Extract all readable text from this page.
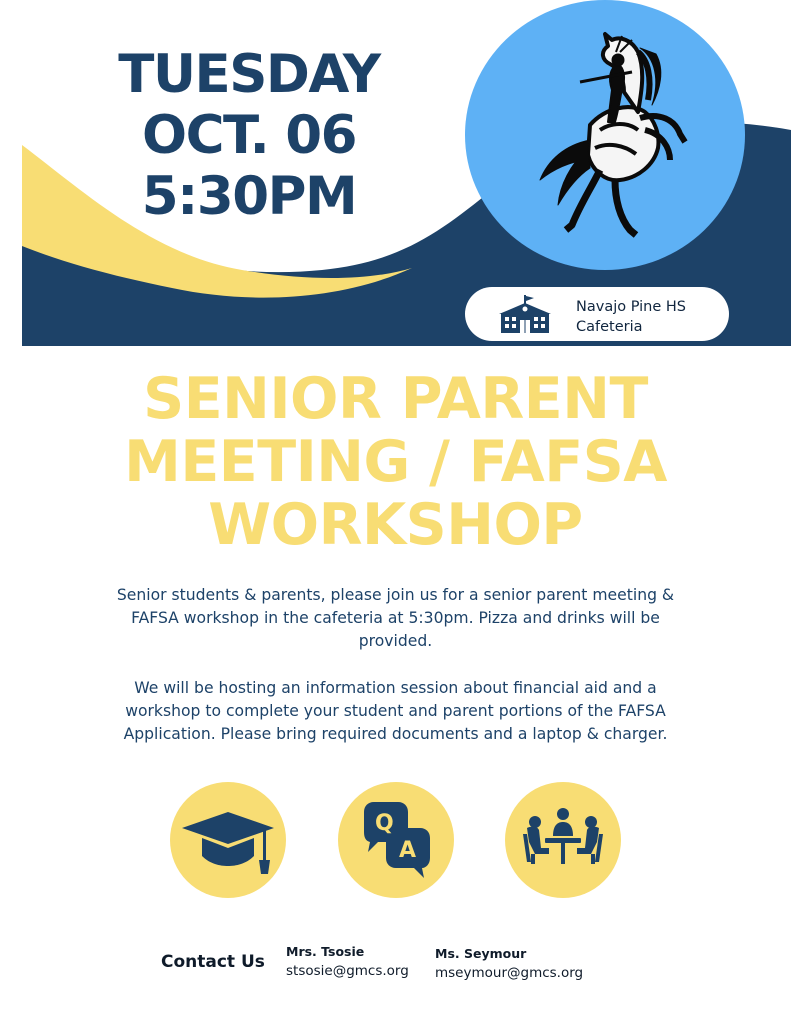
TUESDAY
OCT. 06
5:30PM
Navajo Pine HS
Cafeteria
SENIOR PARENT
MEETING / FAFSA
WORKSHOP

Senior students & parents, please join us for a senior parent meeting & FAFSA workshop in the cafeteria at 5:30pm. Pizza and drinks will be provided.

We will be hosting an information session about financial aid and a workshop to complete your student and parent portions of the FAFSA Application. Please bring required documents and a laptop & charger.

Q
A
Contact Us
Mrs. Tsosie
stsosie@gmcs.org
Ms. Seymour
mseymour@gmcs.org
